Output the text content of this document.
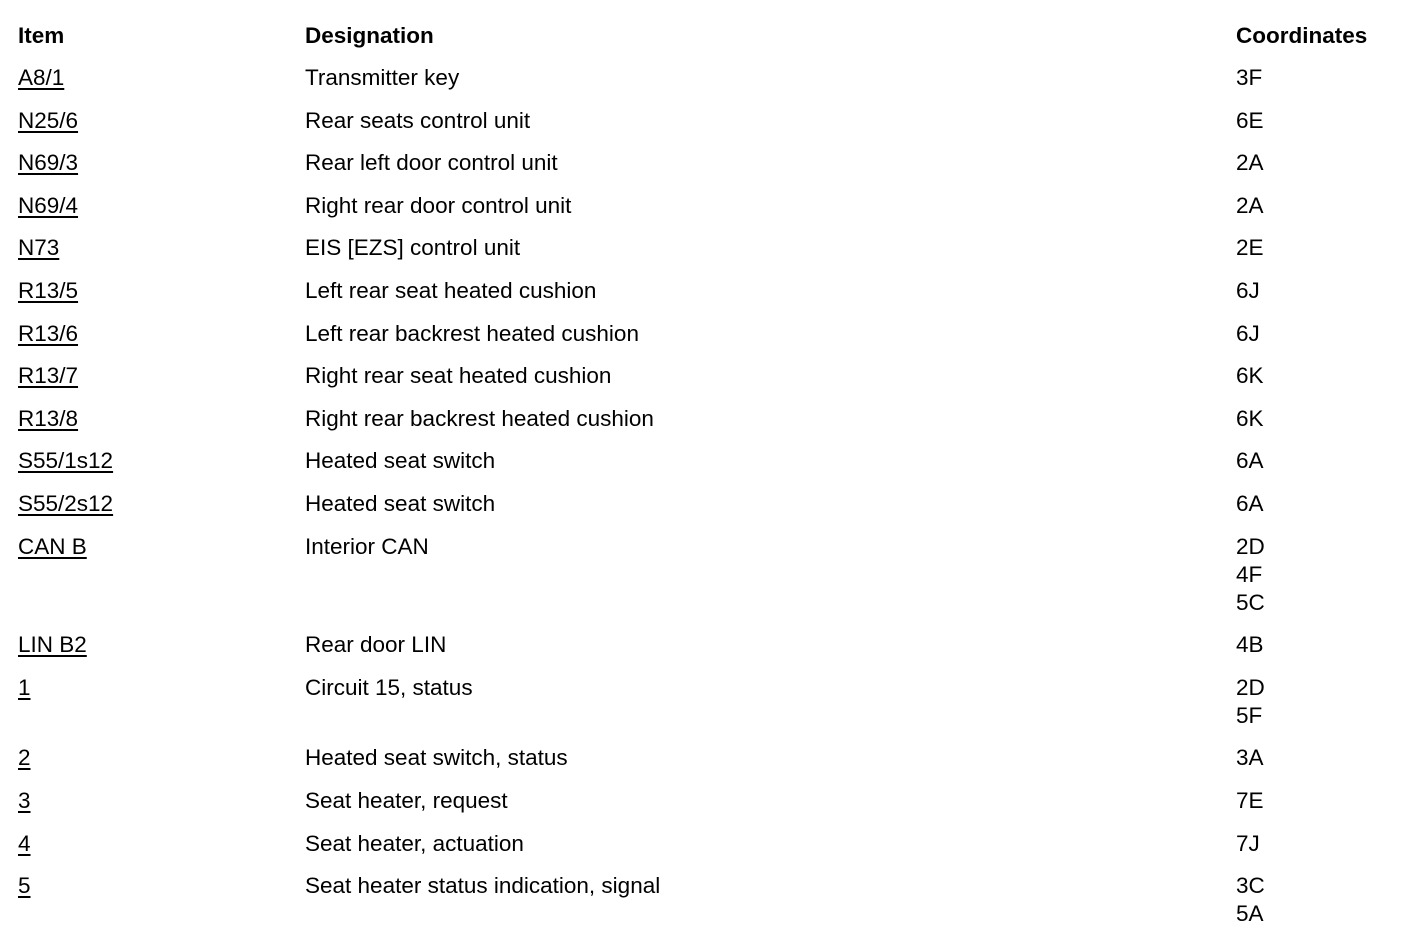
Item	Designation	Coordinates
A8/1	Transmitter key	3F
N25/6	Rear seats control unit	6E
N69/3	Rear left door control unit	2A
N69/4	Right rear door control unit	2A
N73	EIS [EZS] control unit	2E
R13/5	Left rear seat heated cushion	6J
R13/6	Left rear backrest heated cushion	6J
R13/7	Right rear seat heated cushion	6K
R13/8	Right rear backrest heated cushion	6K
S55/1s12	Heated seat switch	6A
S55/2s12	Heated seat switch	6A
CAN B	Interior CAN	2D
4F
5C
LIN B2	Rear door LIN	4B
1	Circuit 15, status	2D
5F
2	Heated seat switch, status	3A
3	Seat heater, request	7E
4	Seat heater, actuation	7J
5	Seat heater status indication, signal	3C
5A
